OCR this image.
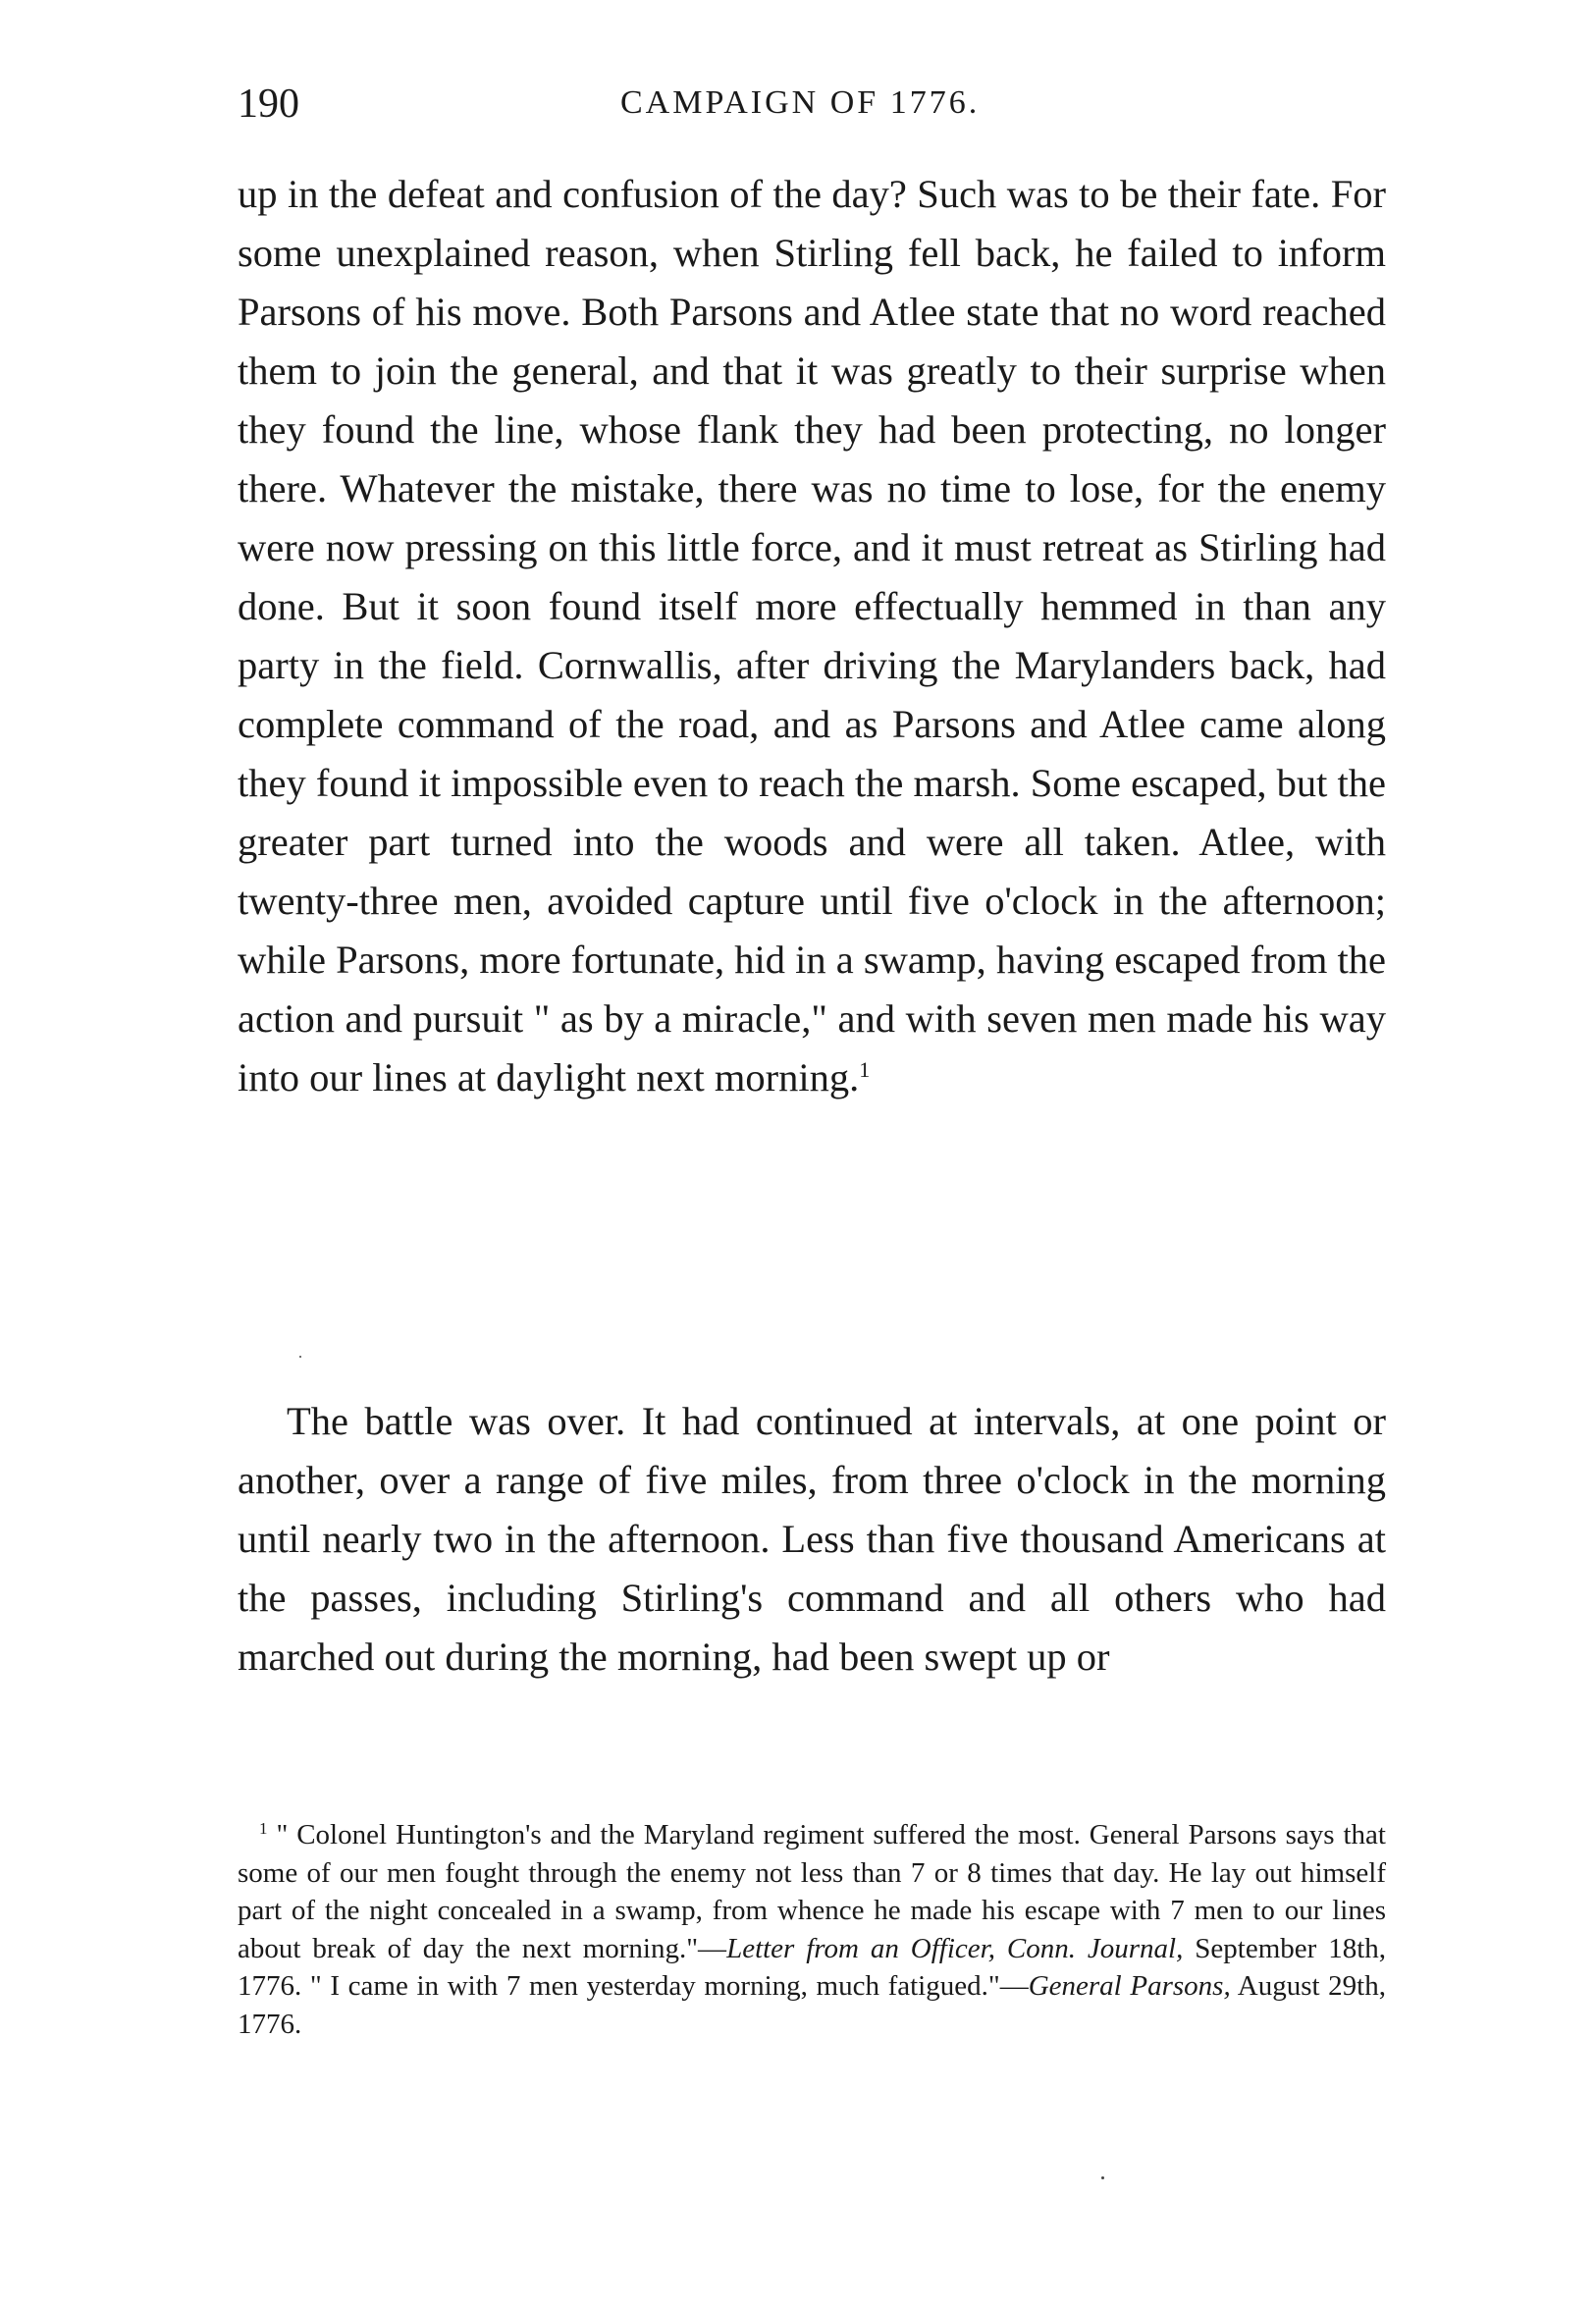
190	CAMPAIGN OF 1776.

up in the defeat and confusion of the day? Such was to be their fate. For some unexplained reason, when Stirling fell back, he failed to inform Parsons of his move. Both Parsons and Atlee state that no word reached them to join the general, and that it was greatly to their surprise when they found the line, whose flank they had been protecting, no longer there. Whatever the mistake, there was no time to lose, for the enemy were now pressing on this little force, and it must retreat as Stirling had done. But it soon found itself more effectually hemmed in than any party in the field. Cornwallis, after driving the Marylanders back, had complete command of the road, and as Parsons and Atlee came along they found it impossible even to reach the marsh. Some escaped, but the greater part turned into the woods and were all taken. Atlee, with twenty-three men, avoided capture until five o'clock in the afternoon; while Parsons, more fortunate, hid in a swamp, having escaped from the action and pursuit " as by a miracle," and with seven men made his way into our lines at daylight next morning.$^1$

The battle was over. It had continued at intervals, at one point or another, over a range of five miles, from three o'clock in the morning until nearly two in the afternoon. Less than five thousand Americans at the passes, including Stirling's command and all others who had marched out during the morning, had been swept up or

$^1$ " Colonel Huntington's and the Maryland regiment suffered the most. General Parsons says that some of our men fought through the enemy not less than 7 or 8 times that day. He lay out himself part of the night concealed in a swamp, from whence he made his escape with 7 men to our lines about break of day the next morning."—Letter from an Officer, Conn. Journal, September 18th, 1776. " I came in with 7 men yesterday morning, much fatigued."—General Parsons, August 29th, 1776.
